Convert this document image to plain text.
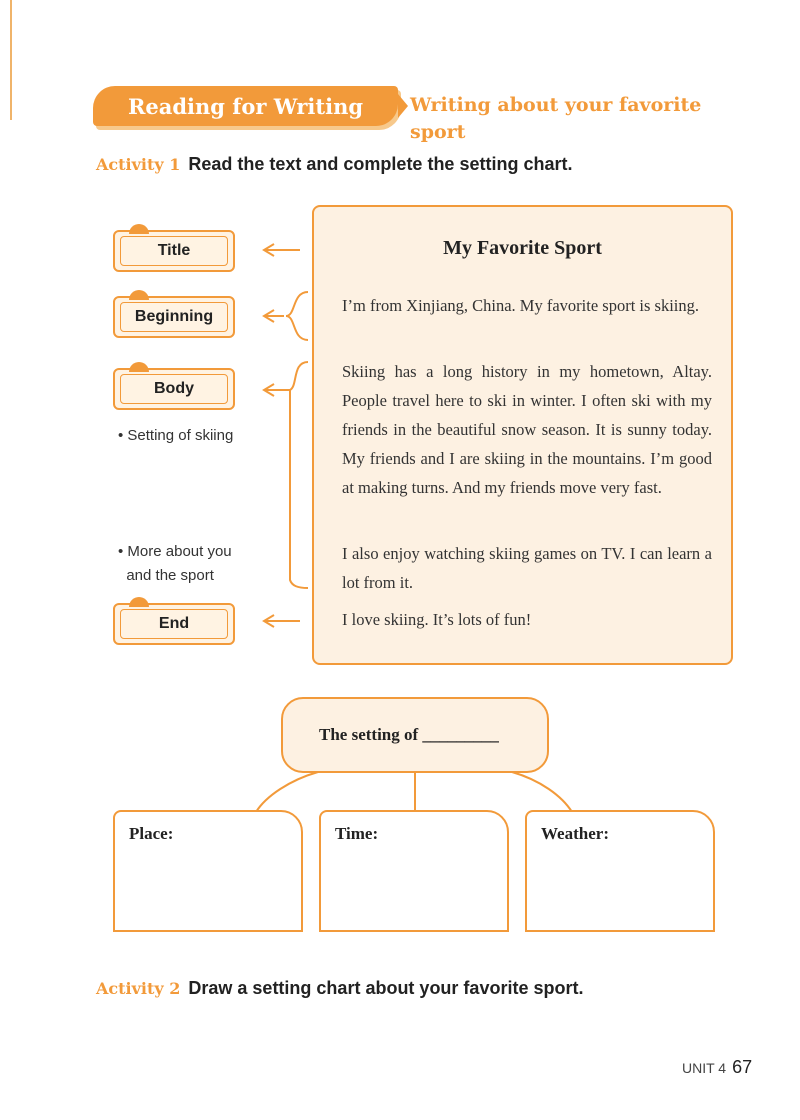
Reading for Writing	Writing about your favorite sport
Activity 1 Read the text and complete the setting chart.
Title
Beginning
Body
End
• Setting of skiing
• More about you
and the sport
My Favorite Sport
I’m from Xinjiang, China. My favorite sport is skiing.
Skiing has a long history in my hometown, Altay. People travel here to ski in winter. I often ski with my friends in the beautiful snow season. It is sunny today. My friends and I are skiing in the mountains. I’m good at making turns. And my friends move very fast.
I also enjoy watching skiing games on TV. I can learn a lot from it.
I love skiing. It’s lots of fun!
The setting of _________
Place:	Time:	Weather:
Activity 2 Draw a setting chart about your favorite sport.
UNIT 4 67
